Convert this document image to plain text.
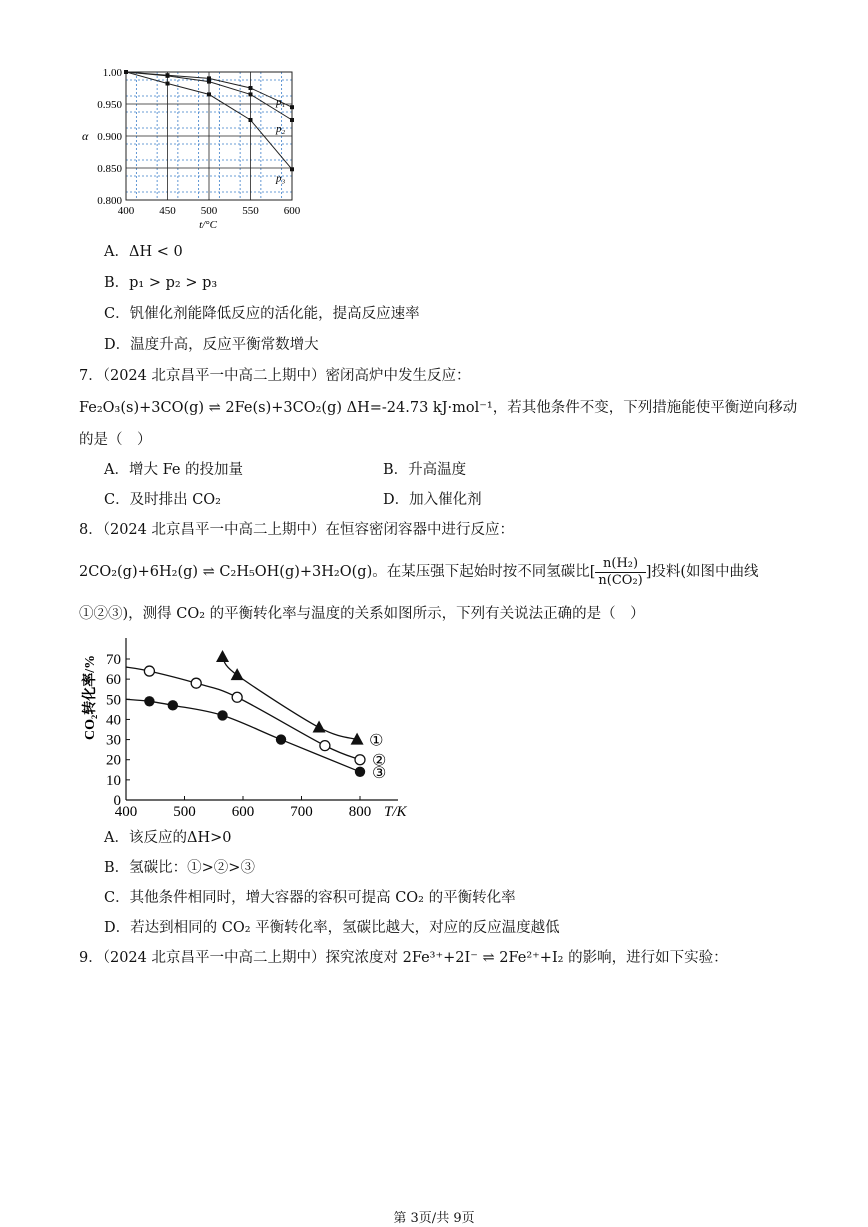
400 450 500 550 600
1.00
0.950
0.900
0.850
0.800
α
t/°C
p₁
p₂
p₃
A．ΔH < 0
B．p₁ > p₂ > p₃
C．钒催化剂能降低反应的活化能，提高反应速率
D．温度升高，反应平衡常数增大
7．（2024 北京昌平一中高二上期中）密闭高炉中发生反应：
Fe₂O₃(s)+3CO(g) ⇌ 2Fe(s)+3CO₂(g) ΔH=-24.73 kJ·mol⁻¹，若其他条件不变，下列措施能使平衡逆向移动
的是（　）
A．增大 Fe 的投加量	B．升高温度
C．及时排出 CO₂	D．加入催化剂
8．（2024 北京昌平一中高二上期中）在恒容密闭容器中进行反应：
2CO₂(g)+6H₂(g) ⇌ C₂H₅OH(g)+3H₂O(g)。在某压强下起始时按不同氢碳比[ $\frac{\text{n(H₂)}}{\text{n(CO₂)}}$ ]投料(如图中曲线
①②③)，测得 CO₂ 的平衡转化率与温度的关系如图所示，下列有关说法正确的是（　）
400 500 600 700 800
0
10
20
30
40
50
60
70
T/K
CO₂转化率/%
①
②
③
A．该反应的ΔH>0
B．氢碳比：①>②>③
C．其他条件相同时，增大容器的容积可提高 CO₂ 的平衡转化率
D．若达到相同的 CO₂ 平衡转化率，氢碳比越大，对应的反应温度越低
9．（2024 北京昌平一中高二上期中）探究浓度对 2Fe³⁺+2I⁻ ⇌ 2Fe²⁺+I₂ 的影响，进行如下实验：
第 3页/共 9页
